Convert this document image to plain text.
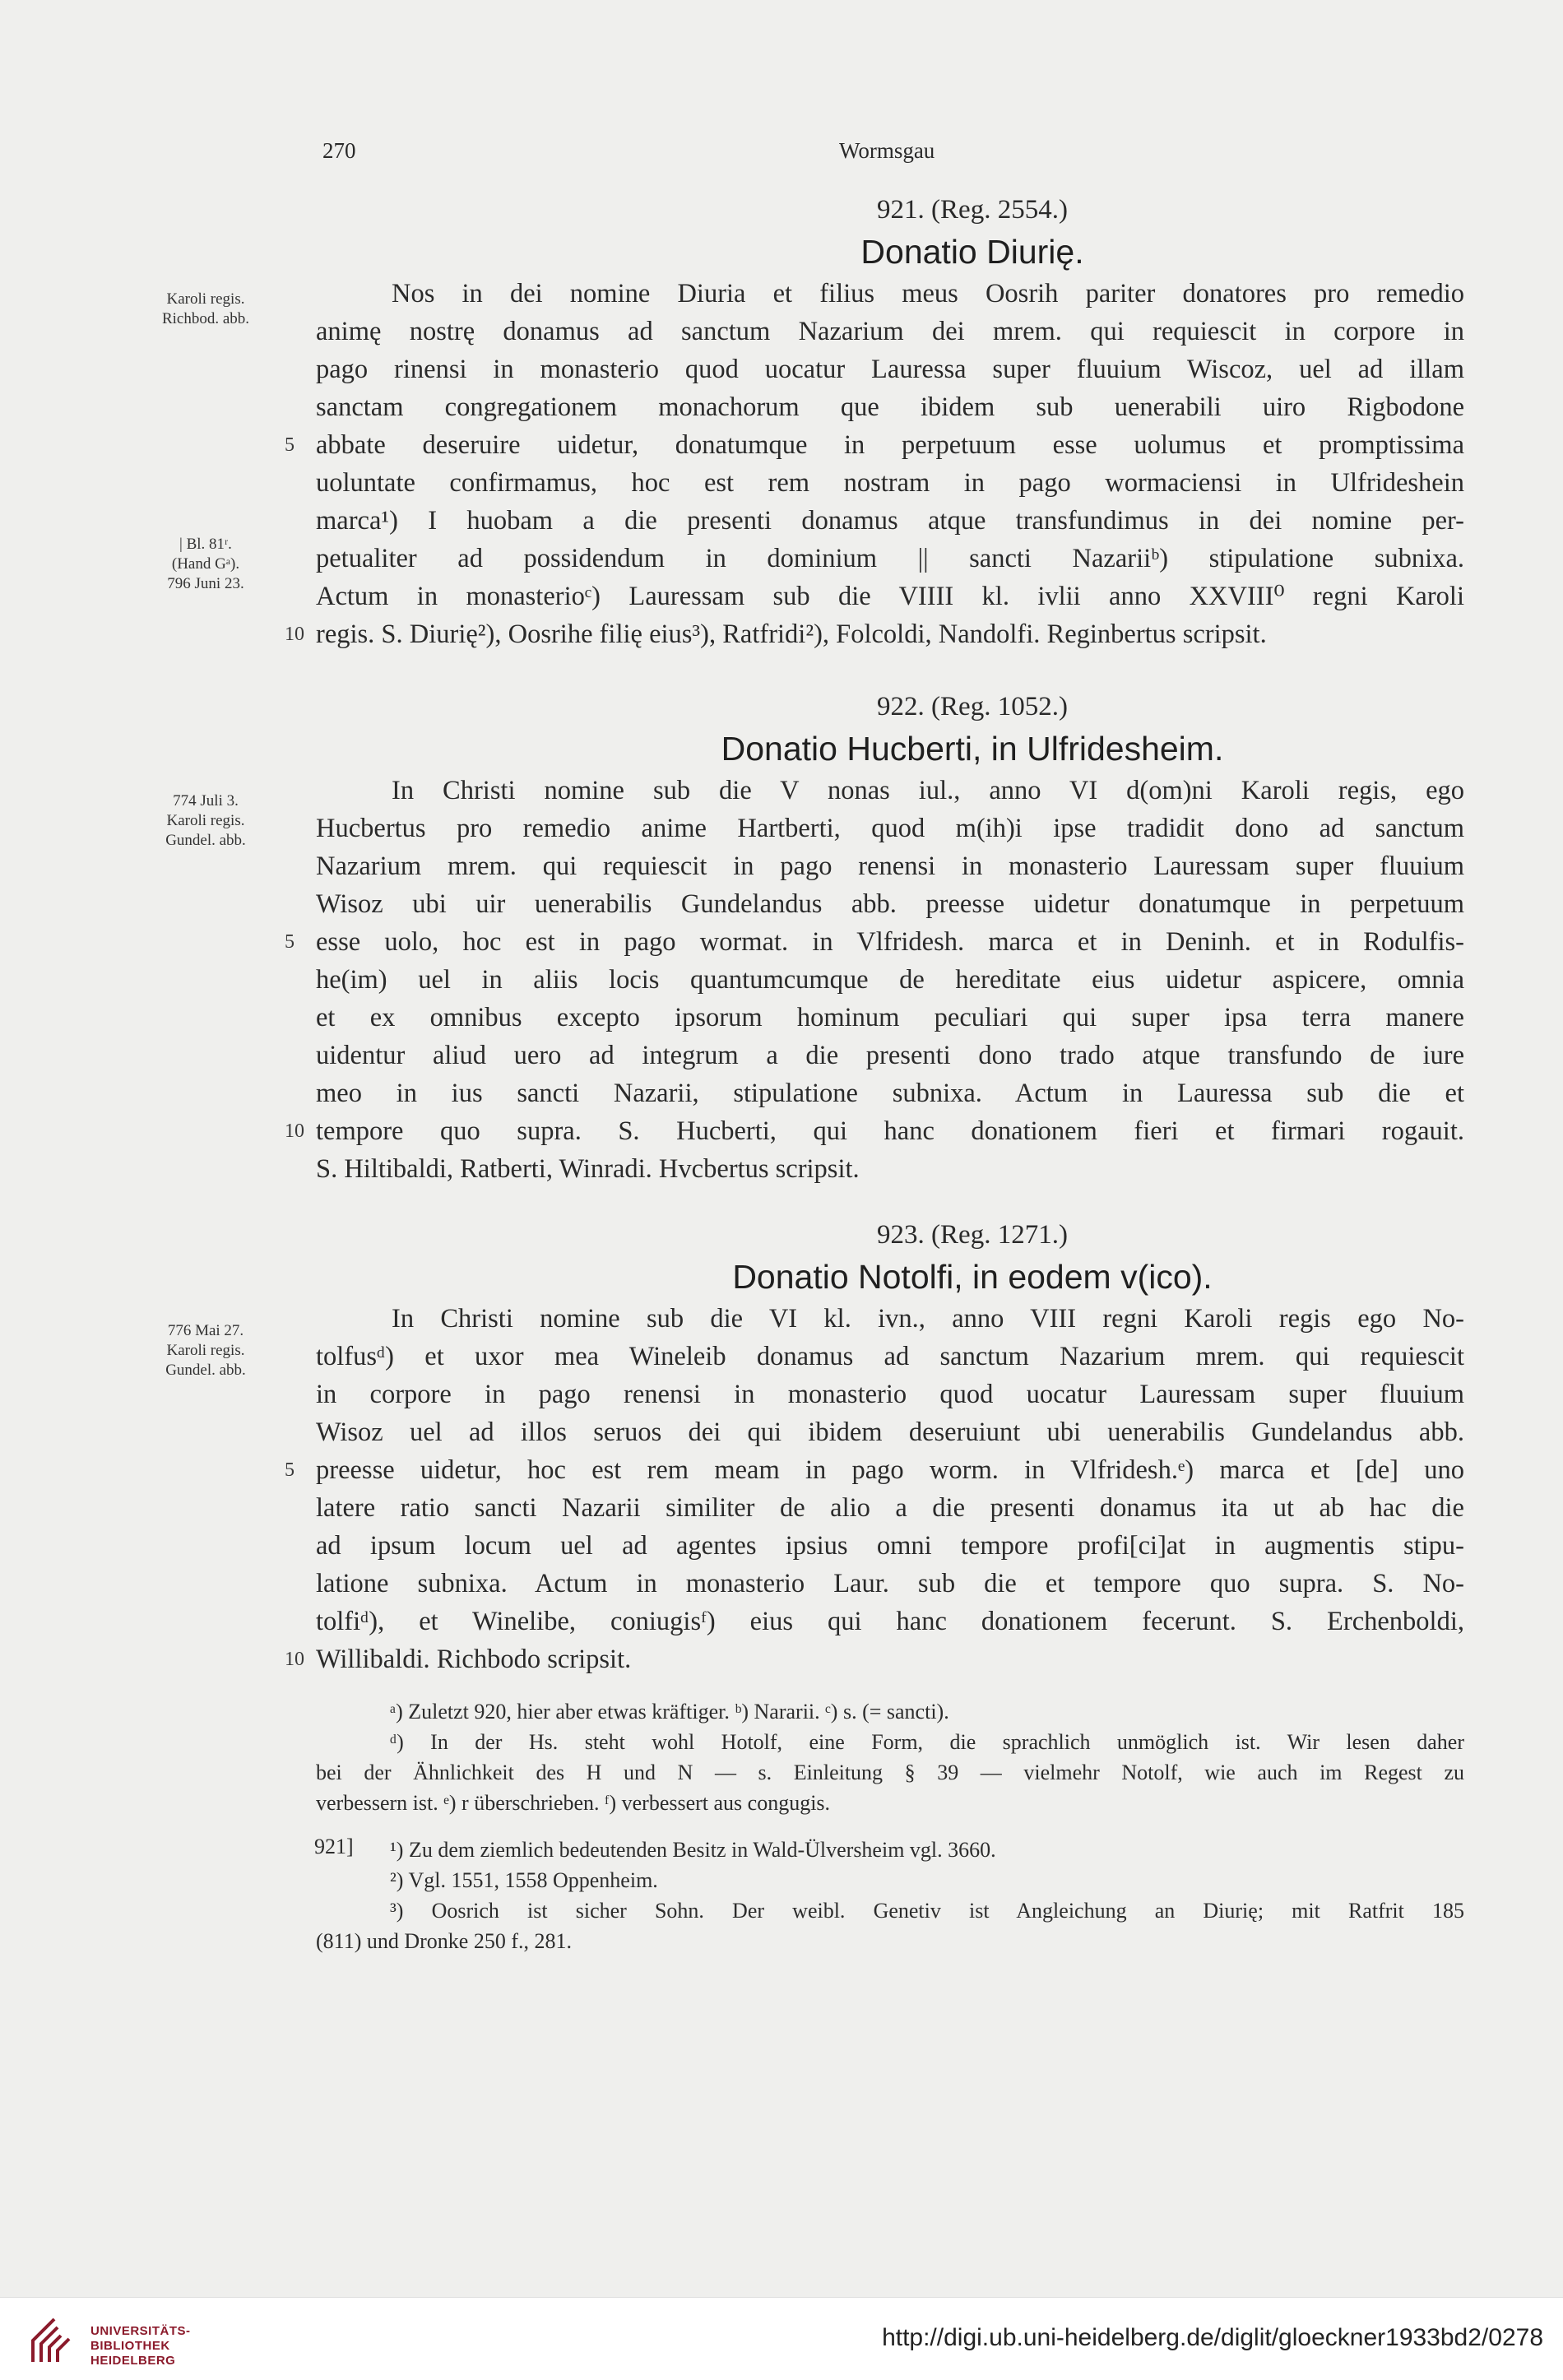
270	Wormsgau
Karoli regis.
Richbod. abb.
| Bl. 81ʳ.
(Hand Gᵃ).
796 Juni 23.
921. (Reg. 2554.)
Donatio Diurię.
Nos in dei nomine Diuria et filius meus Oosrih pariter donatores pro remedio
animę nostrę donamus ad sanctum Nazarium dei mrem. qui requiescit in corpore in
pago rinensi in monasterio quod uocatur Lauressa super fluuium Wiscoz, uel ad illam
sanctam congregationem monachorum que ibidem sub uenerabili uiro Rigbodone
5 abbate deseruire uidetur, donatumque in perpetuum esse uolumus et promptissima
uoluntate confirmamus, hoc est rem nostram in pago wormaciensi in Ulfrideshein
marca¹) I huobam a die presenti donamus atque transfundimus in dei nomine per-
petualiter ad possidendum in dominium || sancti Nazariiᵇ) stipulatione subnixa.
Actum in monasterioᶜ) Lauressam sub die VIIII kl. ivlii anno XXVIII⁰ regni Karoli
10 regis. S. Diurię²), Oosrihe filię eius³), Ratfridi²), Folcoldi, Nandolfi. Reginbertus scripsit.
774 Juli 3.
Karoli regis.
Gundel. abb.
922. (Reg. 1052.)
Donatio Hucberti, in Ulfridesheim.
In Christi nomine sub die V nonas iul., anno VI d(om)ni Karoli regis, ego
Hucbertus pro remedio anime Hartberti, quod m(ih)i ipse tradidit dono ad sanctum
Nazarium mrem. qui requiescit in pago renensi in monasterio Lauressam super fluuium
Wisoz ubi uir uenerabilis Gundelandus abb. preesse uidetur donatumque in perpetuum
5 esse uolo, hoc est in pago wormat. in Vlfridesh. marca et in Deninh. et in Rodulfis-
he(im) uel in aliis locis quantumcumque de hereditate eius uidetur aspicere, omnia
et ex omnibus excepto ipsorum hominum peculiari qui super ipsa terra manere
uidentur aliud uero ad integrum a die presenti dono trado atque transfundo de iure
meo in ius sancti Nazarii, stipulatione subnixa. Actum in Lauressa sub die et
10 tempore quo supra. S. Hucberti, qui hanc donationem fieri et firmari rogauit.
S. Hiltibaldi, Ratberti, Winradi. Hvcbertus scripsit.
776 Mai 27.
Karoli regis.
Gundel. abb.
923. (Reg. 1271.)
Donatio Notolfi, in eodem v(ico).
In Christi nomine sub die VI kl. ivn., anno VIII regni Karoli regis ego No-
tolfusᵈ) et uxor mea Wineleib donamus ad sanctum Nazarium mrem. qui requiescit
in corpore in pago renensi in monasterio quod uocatur Lauressam super fluuium
Wisoz uel ad illos seruos dei qui ibidem deseruiunt ubi uenerabilis Gundelandus abb.
5 preesse uidetur, hoc est rem meam in pago worm. in Vlfridesh.ᵉ) marca et [de] uno
latere ratio sancti Nazarii similiter de alio a die presenti donamus ita ut ab hac die
ad ipsum locum uel ad agentes ipsius omni tempore profi[ci]at in augmentis stipu-
latione subnixa. Actum in monasterio Laur. sub die et tempore quo supra. S. No-
tolfiᵈ), et Winelibe, coniugisᶠ) eius qui hanc donationem fecerunt. S. Erchenboldi,
10 Willibaldi. Richbodo scripsit.
ᵃ) Zuletzt 920, hier aber etwas kräftiger. ᵇ) Nararii. ᶜ) s. (= sancti).
ᵈ) In der Hs. steht wohl Hotolf, eine Form, die sprachlich unmöglich ist. Wir lesen daher
bei der Ähnlichkeit des H und N — s. Einleitung § 39 — vielmehr Notolf, wie auch im Regest zu
verbessern ist. ᵉ) r überschrieben. ᶠ) verbessert aus congugis.
921]	¹) Zu dem ziemlich bedeutenden Besitz in Wald-Ülversheim vgl. 3660.
²) Vgl. 1551, 1558 Oppenheim.
³) Oosrich ist sicher Sohn. Der weibl. Genetiv ist Angleichung an Diurię; mit Ratfrit 185
(811) und Dronke 250 f., 281.
UNIVERSITÄTS-
BIBLIOTHEK
HEIDELBERG
http://digi.ub.uni-heidelberg.de/diglit/gloeckner1933bd2/0278
